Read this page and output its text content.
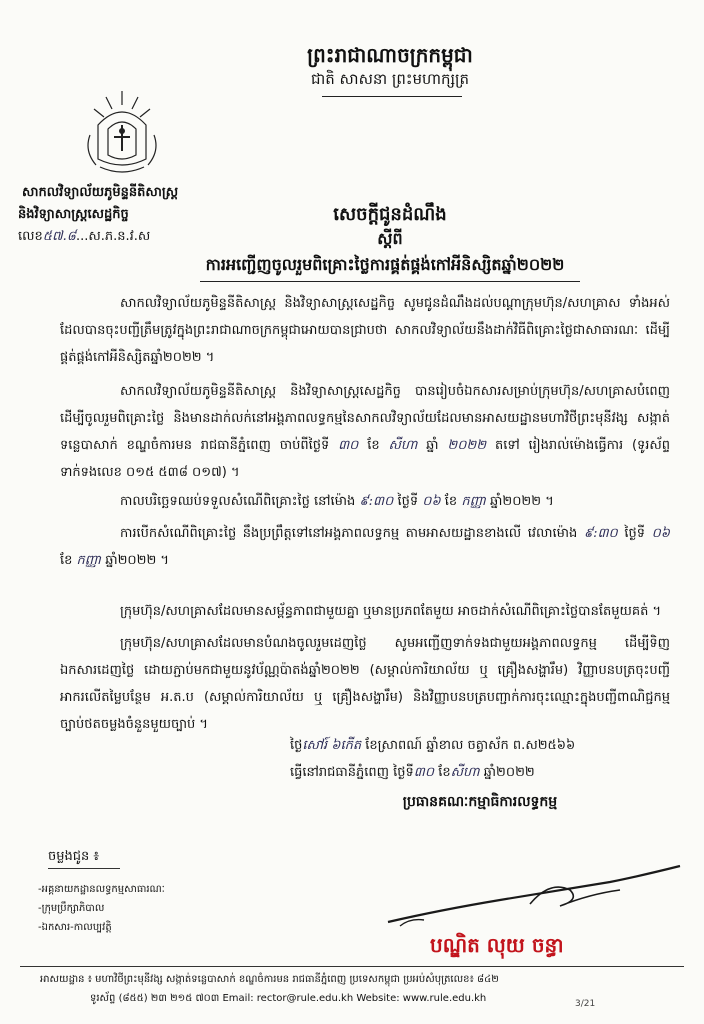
ព្រះរាជាណាចក្រកម្ពុជា
ជាតិ សាសនា ព្រះមហាក្សត្រ
សាកលវិទ្យាល័យភូមិន្ទនីតិសាស្ត្រ
និងវិទ្យាសាស្ត្រសេដ្ឋកិច្ច
លេខ៥៧.៨...ស.ភ.ន.វ.ស
សេចក្តីជូនដំណឹង
ស្តីពី
ការអញ្ជើញចូលរួមពិគ្រោះថ្លៃការផ្គត់ផ្គង់កៅអីនិស្សិតឆ្នាំ២០២២

សាកលវិទ្យាល័យភូមិន្ទនីតិសាស្ត្រ និងវិទ្យាសាស្ត្រសេដ្ឋកិច្ច សូមជូនដំណឹងដល់បណ្តាក្រុមហ៊ុន/សហគ្រាស ទាំងអស់ ដែលបានចុះបញ្ជីត្រឹមត្រូវក្នុងព្រះរាជាណាចក្រកម្ពុជាអោយបានជ្រាបថា សាកលវិទ្យាល័យនឹងដាក់វិធីពិគ្រោះថ្លៃជាសាធារណៈ ដើម្បីផ្គត់ផ្គង់កៅអីនិស្សិតឆ្នាំ២០២២ ។

សាកលវិទ្យាល័យភូមិន្ទនីតិសាស្ត្រ និងវិទ្យាសាស្ត្រសេដ្ឋកិច្ច បានរៀបចំឯកសារសម្រាប់ក្រុមហ៊ុន/សហគ្រាសបំពេញដើម្បីចូលរួមពិគ្រោះថ្លៃ និងមានដាក់លក់នៅអង្គភាពលទ្ធកម្មនៃសាកលវិទ្យាល័យដែលមានអាសយដ្ឋានមហាវិថីព្រះមុនីវង្ស សង្កាត់ទន្លេបាសាក់ ខណ្ឌចំការមន រាជធានីភ្នំពេញ ចាប់ពីថ្ងៃទី ៣០ ខែ សីហា ឆ្នាំ ២០២២ តទៅ រៀងរាល់ម៉ោងធ្វើការ (ទូរស័ព្ទទាក់ទងលេខ ០១៥ ៥៣៨ ០១៧) ។

កាលបរិច្ឆេទឈប់ទទួលសំណើពិគ្រោះថ្លៃ នៅម៉ោង ៩:៣០ ថ្ងៃទី ០៦ ខែ កញ្ញា ឆ្នាំ២០២២ ។

ការបើកសំណើពិគ្រោះថ្លៃ នឹងប្រព្រឹត្តទៅនៅអង្គភាពលទ្ធកម្ម តាមអាសយដ្ឋានខាងលើ វេលាម៉ោង ៩:៣០ ថ្ងៃទី ០៦ ខែ កញ្ញា ឆ្នាំ២០២២ ។

ក្រុមហ៊ុន/សហគ្រាសដែលមានសម្ព័ន្ធភាពជាមួយគ្នា ឬមានប្រភពតែមួយ អាចដាក់សំណើពិគ្រោះថ្លៃបានតែមួយគត់ ។

ក្រុមហ៊ុន/សហគ្រាសដែលមានបំណងចូលរួមដេញថ្លៃ សូមអញ្ជើញទាក់ទងជាមួយអង្គភាពលទ្ធកម្ម ដើម្បីទិញឯកសារដេញថ្លៃ ដោយភ្ជាប់មកជាមួយនូវប័ណ្ណប៉ាតង់ឆ្នាំ២០២២ (សម្គាល់ការិយាល័យ ឬ គ្រឿងសង្ហារឹម) វិញ្ញាបនបត្រចុះបញ្ជីអាករលើតម្លៃបន្ថែម អ.ត.ប (សម្គាល់ការិយាល័យ ឬ គ្រឿងសង្ហារឹម) និងវិញ្ញាបនបត្របញ្ជាក់ការចុះឈ្មោះក្នុងបញ្ជីពាណិជ្ជកម្ម ច្បាប់ថតចម្លងចំនួនមួយច្បាប់ ។

ថ្ងៃសៅរ៍ ៦កើត ខែស្រាពណ៍ ឆ្នាំខាល ចត្វាស័ក ព.ស២៥៦៦
ធ្វើនៅរាជធានីភ្នំពេញ ថ្ងៃទី៣០ ខែសីហា ឆ្នាំ២០២២
ប្រធានគណៈកម្មាធិការលទ្ធកម្ម
ចម្លងជូន ៖
-អគ្គនាយកដ្ឋានលទ្ធកម្មសាធារណៈ
-ក្រុមប្រឹក្សាភិបាល
-ឯកសារ-កាលប្បវត្តិ
បណ្ឌិត លុយ ចន្ធា
អាសយដ្ឋាន ៖ មហាវិថីព្រះមុនីវង្ស សង្កាត់ទន្លេបាសាក់ ខណ្ឌចំការមន រាជធានីភ្នំពេញ ប្រទេសកម្ពុជា ប្រអប់សំបុត្រលេខ៖ ៨៤២
ទូរស័ព្ទ (៨៥៥) ២៣ ២១៥ ៧០៣ Email: rector@rule.edu.kh Website: www.rule.edu.kh	3/21
